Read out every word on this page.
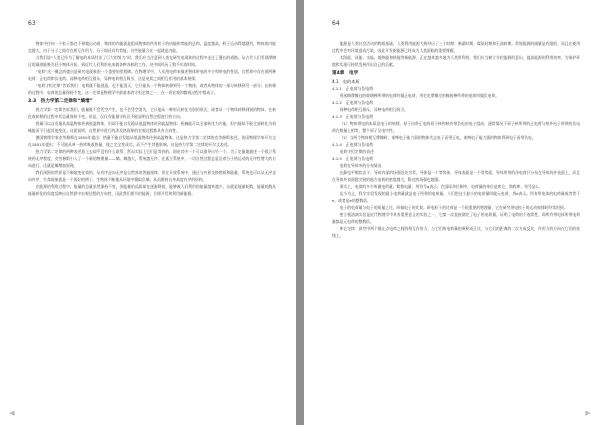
63
物体中任何一个粒子都在不停地运动着，物体的内能就是组成物体的所有粒子的动能和势能的总和。温度越高，粒子运动得越剧烈，物体的内能也越大。由于分子之间存在相互作用力，分子间还具有势能，这些能量合在一起就是内能。
当我们说“人类已经为了解电的本质付出了巨大的努力”时，我们应当注意到人类在研究电现象的过程中走过了漫长的道路。从古代人们发现摩擦过的琥珀能吸引轻小物体开始，到近代人们利用电来做各种各样的工作，这中间经历了数千年的时间。
“电荷”这一概念的提出是研究电现象的一个重要的里程碑。在物理学中，人们用电荷来描述物体带电的多少和带电的性质。自然界中存在着两种电荷：正电荷和负电荷。同种电荷相互排斥，异种电荷相互吸引，这是电荷之间相互作用的基本规律。
“电荷守恒定律”告诉我们：电荷既不能创造，也不能消灭，它只能从一个物体转移到另一个物体，或者从物体的一部分转移到另一部分；在转移的过程中，电荷的总量保持不变。这一定律是物理学中最基本的守恒定律之一，在一切宏观和微观过程中都成立。
3.3　热力学第二定律和“熵增”
热力学第一定律告诉我们，能量既不会凭空产生，也不会凭空消失，它只能从一种形式转化为别的形式，或者从一个物体转移到别的物体，在转化或转移的过程中其总量保持不变。但是，仅仅有能量守恒还不能说明自然过程进行的方向。
热量可以自发地从高温物体传到低温物体，但却不能自发地从低温物体传到高温物体；机械能可以全部转化为内能，但内能却不能全部转化为机械能而不引起其他变化。这就说明，自然界中进行的涉及热现象的宏观过程都具有方向性。
德国物理学家克劳修斯在1850年提出：热量不能自发地从低温物体传到高温物体。这是热力学第二定律的克劳修斯表述。英国物理学家开尔文在1851年提出：不可能从单一热库吸收热量，使之完全变成功，而不产生其他影响。这是热力学第二定律的开尔文表述。
热力学第二定律的两种表述看上去似乎没有什么联系，然而实际上它们是等价的，即由其中一个可以推导出另一个。为了定量地描述一个孤立系统的无序程度，克劳修斯引入了一个新的物理量——熵。熵越大，系统越无序；在孤立系统中，一切自然过程总是沿着分子热运动的无序性增大的方向进行，这就是熵增加原理。
我们周围的世界是不断地变化着的，从有序走向无序是自然界的普遍规律。但在开放系统中，通过与外界交换物质和能量，系统也可以从无序走向有序，生命现象就是一个很好的例子。生物体不断地从环境中摄取负熵，从而维持自身高度有序的结构。
在能源的利用过程中，能量的总量虽然保持不变，但能量的品质却在逐渐降低，能够被人们利用的能量越来越少，这就是能量耗散。能量耗散从能量转化的角度反映出自然界中宏观过程的方向性，因此我们要节约能源，合理开发和利用新能源。
◀
64
能源是人类社会活动的物质基础。人类利用能源大致经历了三个时期：柴薪时期、煤炭时期和石油时期。常规能源的储量是有限的，而且在使用过程中会对环境造成污染，因此开发新能源已经成为人类面临的重要课题。
太阳能、风能、水能、地热能和核能等新能源，正在越来越多地为人类所利用。我们应当树立节约能源的意识，提高能源的利用效率，为保护环境和实现可持续发展作出自己的贡献。
第4章　电学
4.1　电的本质
4.1.1　正电荷与负电荷
用丝绸摩擦过的玻璃棒所带的电荷叫做正电荷，用毛皮摩擦过的橡胶棒所带的电荷叫做负电荷。
4.1.2　正电荷与负电荷
同种电荷相互排斥，异种电荷相互吸引。
4.1.3　正电荷与负电荷
（1）物体带电的本质是电子的转移。原子由带正电的原子核和核外带负电的电子组成，通常情况下原子核所带的正电荷与核外电子所带的负电荷在数量上相等，整个原子呈电中性。
（2）当两个物体相互摩擦时，束缚电子能力弱的物体失去电子而带正电，束缚电子能力强的物体得到电子而带负电。
4.1.4　正电荷与负电荷
电荷守恒定律的表述
4.1.5　正电荷与负电荷
电荷在导体中的分布情况
在静电平衡状态下，导体内部的场强处处为零，导体是一个等势体，导体表面是一个等势面，导体所带的净电荷只分布在导体的外表面上，而且在导体外表面越尖锐的地方电荷的密度越大，附近的场强也越强。
事实上，电荷的多少叫做电荷量，简称电量，用符号q表示。在国际单位制中，电荷量的单位是库仑，简称库，符号是C。
迄今为止，科学实验发现的最小电荷量就是电子所带的电荷量。人们把这个最小的电荷量叫做元电荷，用e表示。所有带电体的电荷量或者等于e，或者是e的整数倍。
电子的电荷量与电子的质量之比，叫做电子的比荷。带电粒子的比荷是一个很重要的物理量，它在研究带电粒子的运动规律时经常用到。
密立根油滴实验是近代物理学中具有重要意义的实验之一，它第一次直接测定了电子的电荷量，证明了电荷的不连续性，即所有带电体所带电荷量都是元电荷的整数倍。
库仑定律：真空中两个静止点电荷之间的相互作用力，与它们的电荷量的乘积成正比，与它们的距离的二次方成反比，作用力的方向在它们的连线上。
▶
